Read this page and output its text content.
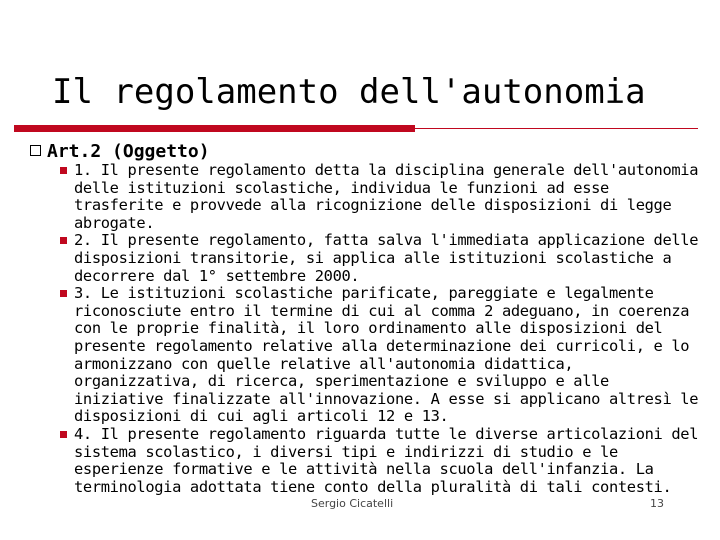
Il regolamento dell'autonomia
Art.2 (Oggetto)
1. Il presente regolamento detta la disciplina generale dell'autonomia delle istituzioni scolastiche, individua le funzioni ad esse trasferite e provvede alla ricognizione delle disposizioni di legge abrogate.
2. Il presente regolamento, fatta salva l'immediata applicazione delle disposizioni transitorie, si applica alle istituzioni scolastiche a decorrere dal 1° settembre 2000.
3. Le istituzioni scolastiche parificate, pareggiate e legalmente riconosciute entro il termine di cui al comma 2 adeguano, in coerenza con le proprie finalità, il loro ordinamento alle disposizioni del presente regolamento relative alla determinazione dei curricoli, e lo armonizzano con quelle relative all'autonomia didattica, organizzativa, di ricerca, sperimentazione e sviluppo e alle iniziative finalizzate all'innovazione. A esse si applicano altresì le disposizioni di cui agli articoli 12 e 13.
4. Il presente regolamento riguarda tutte le diverse articolazioni del sistema scolastico, i diversi tipi e indirizzi di studio e le esperienze formative e le attività nella scuola dell'infanzia. La terminologia adottata tiene conto della pluralità di tali contesti.
Sergio Cicatelli	13
